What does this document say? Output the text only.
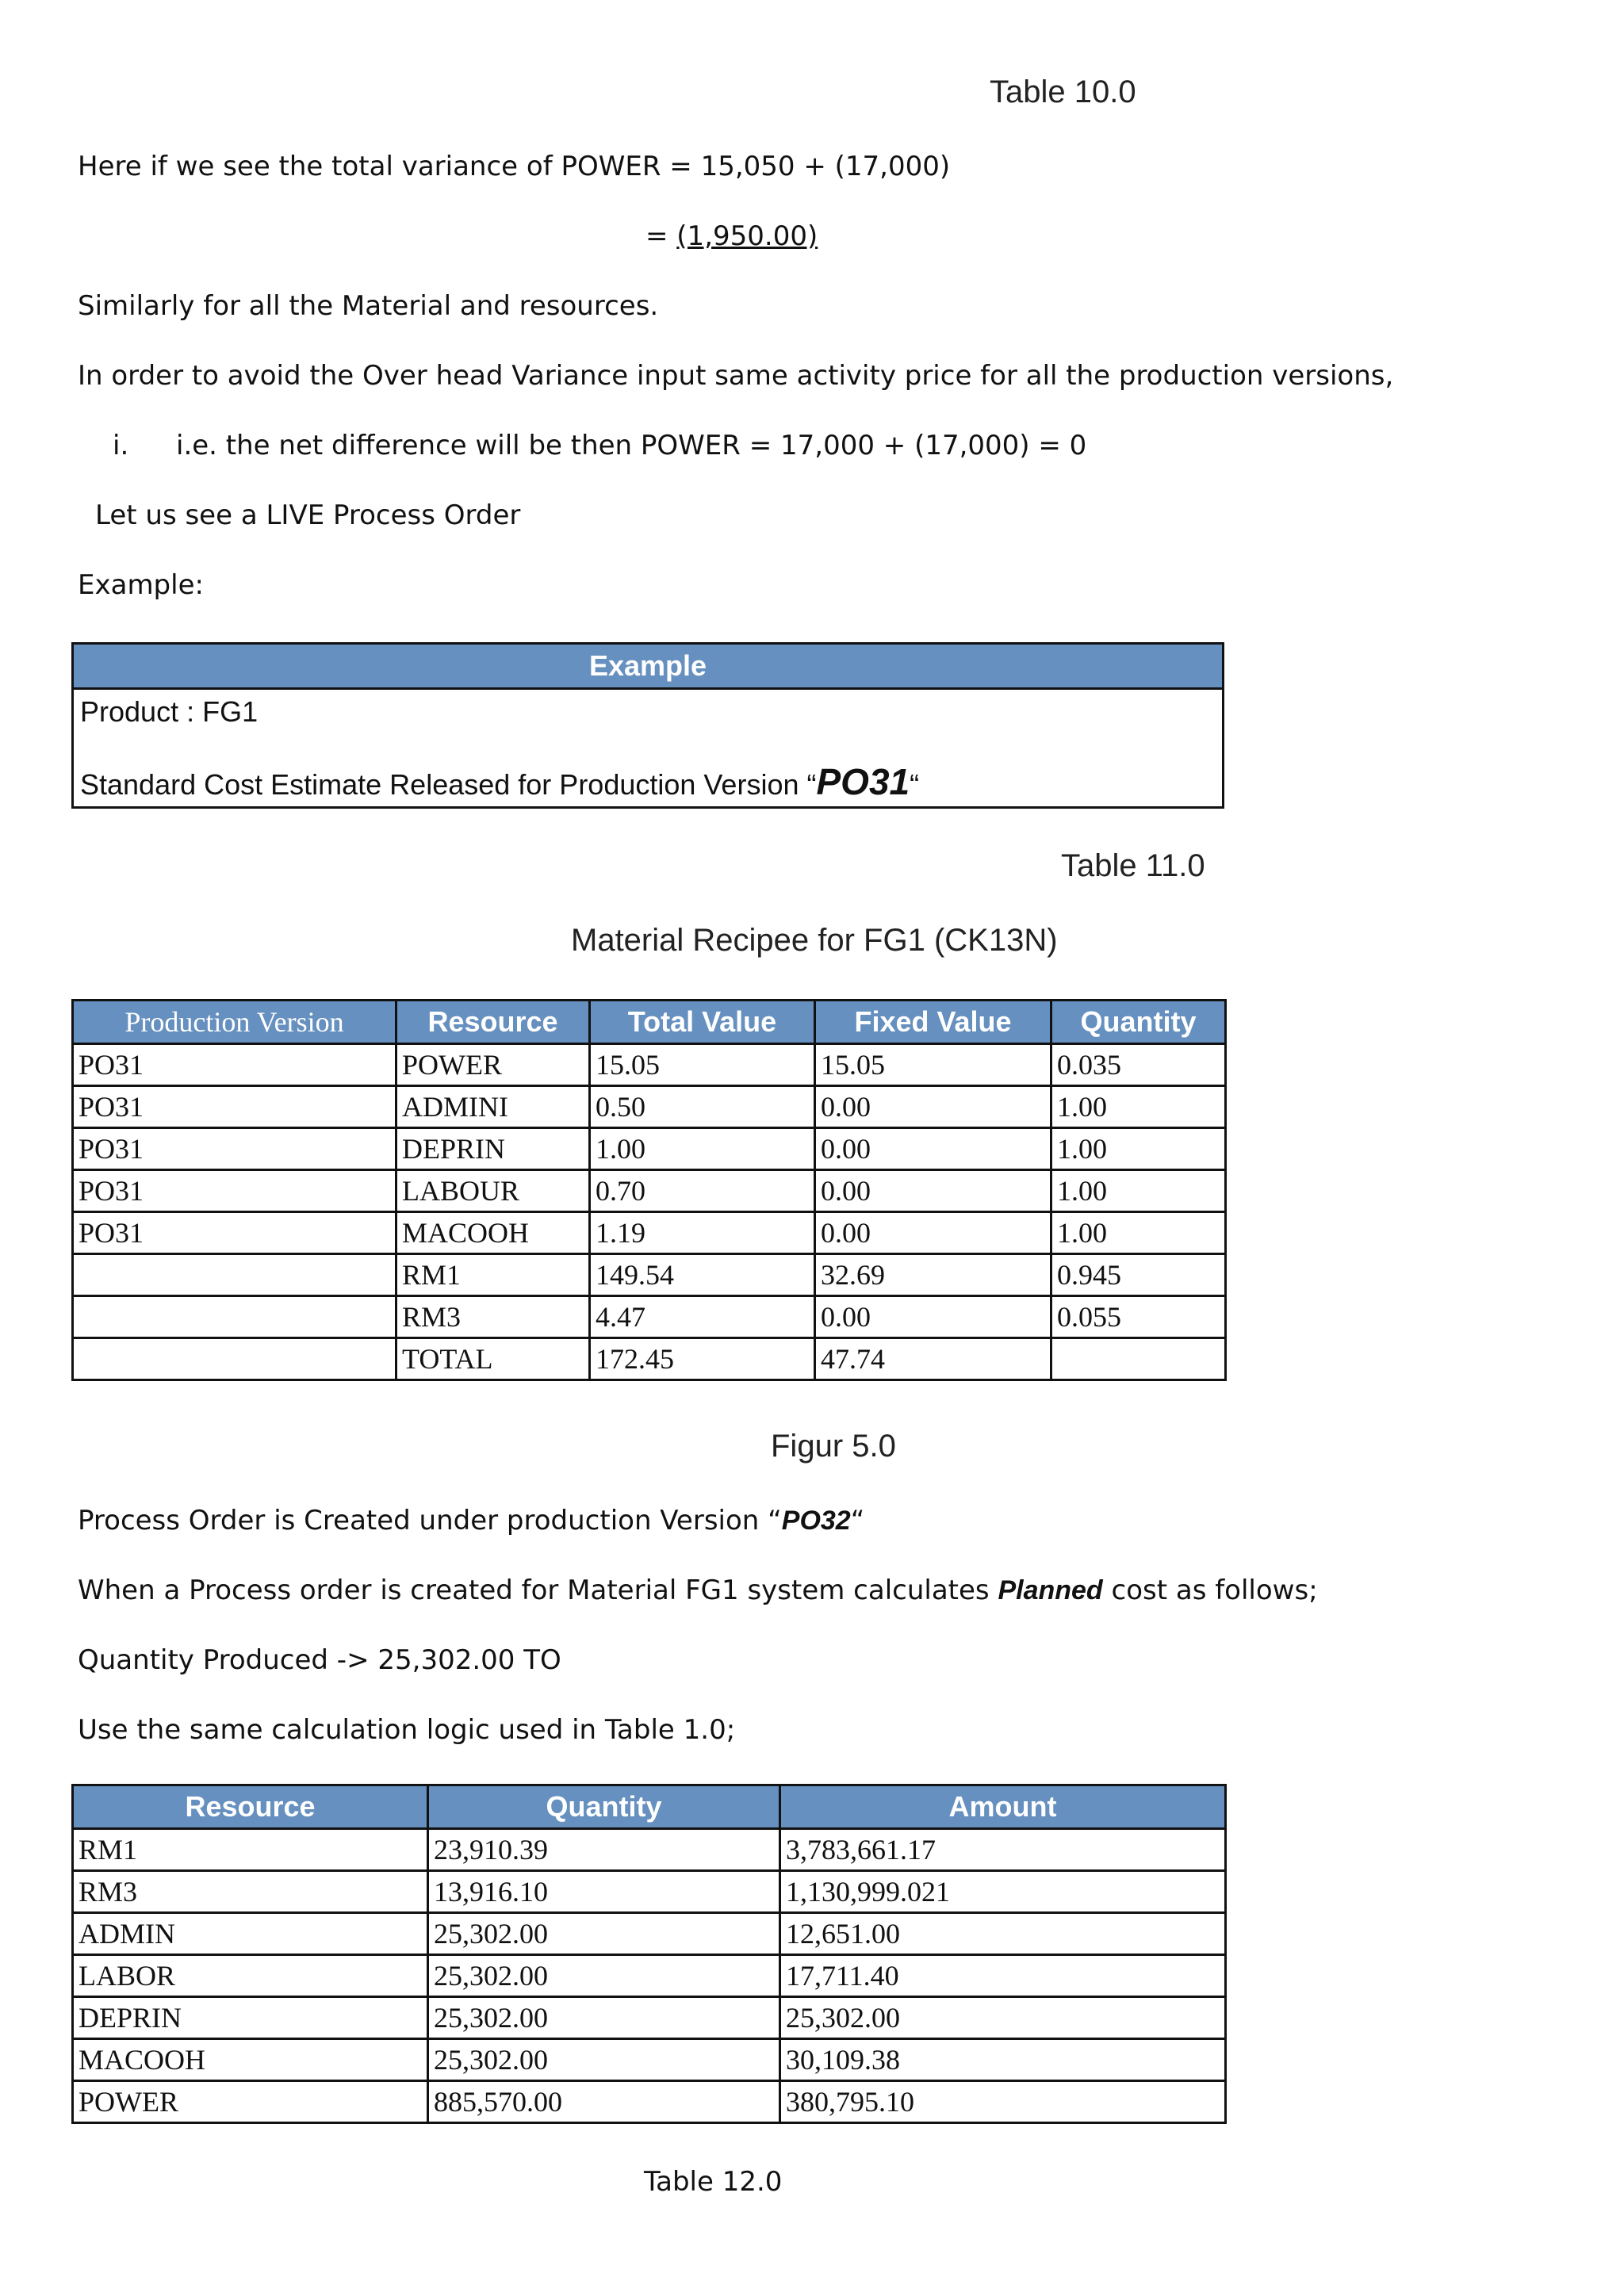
Table 10.0
Here if we see the total variance of POWER = 15,050 + (17,000)
= (1,950.00)
Similarly for all the Material and resources.
In order to avoid the Over head Variance input same activity price for all the production versions,
i. i.e. the net difference will be then POWER = 17,000 + (17,000) = 0
Let us see a LIVE Process Order
Example:
Example
Product : FG1
Standard Cost Estimate Released for Production Version “PO31“
Table 11.0
Material Recipee for FG1 (CK13N)
Production Version	Resource	Total Value	Fixed Value	Quantity
PO31	POWER	15.05	15.05	0.035
PO31	ADMINI	0.50	0.00	1.00
PO31	DEPRIN	1.00	0.00	1.00
PO31	LABOUR	0.70	0.00	1.00
PO31	MACOOH	1.19	0.00	1.00
	RM1	149.54	32.69	0.945
	RM3	4.47	0.00	0.055
	TOTAL	172.45	47.74	
Figur 5.0
Process Order is Created under production Version “PO32“
When a Process order is created for Material FG1 system calculates Planned cost as follows;
Quantity Produced -> 25,302.00 TO
Use the same calculation logic used in Table 1.0;
Resource	Quantity	Amount
RM1	23,910.39	3,783,661.17
RM3	13,916.10	1,130,999.021
ADMIN	25,302.00	12,651.00
LABOR	25,302.00	17,711.40
DEPRIN	25,302.00	25,302.00
MACOOH	25,302.00	30,109.38
POWER	885,570.00	380,795.10
Table 12.0
